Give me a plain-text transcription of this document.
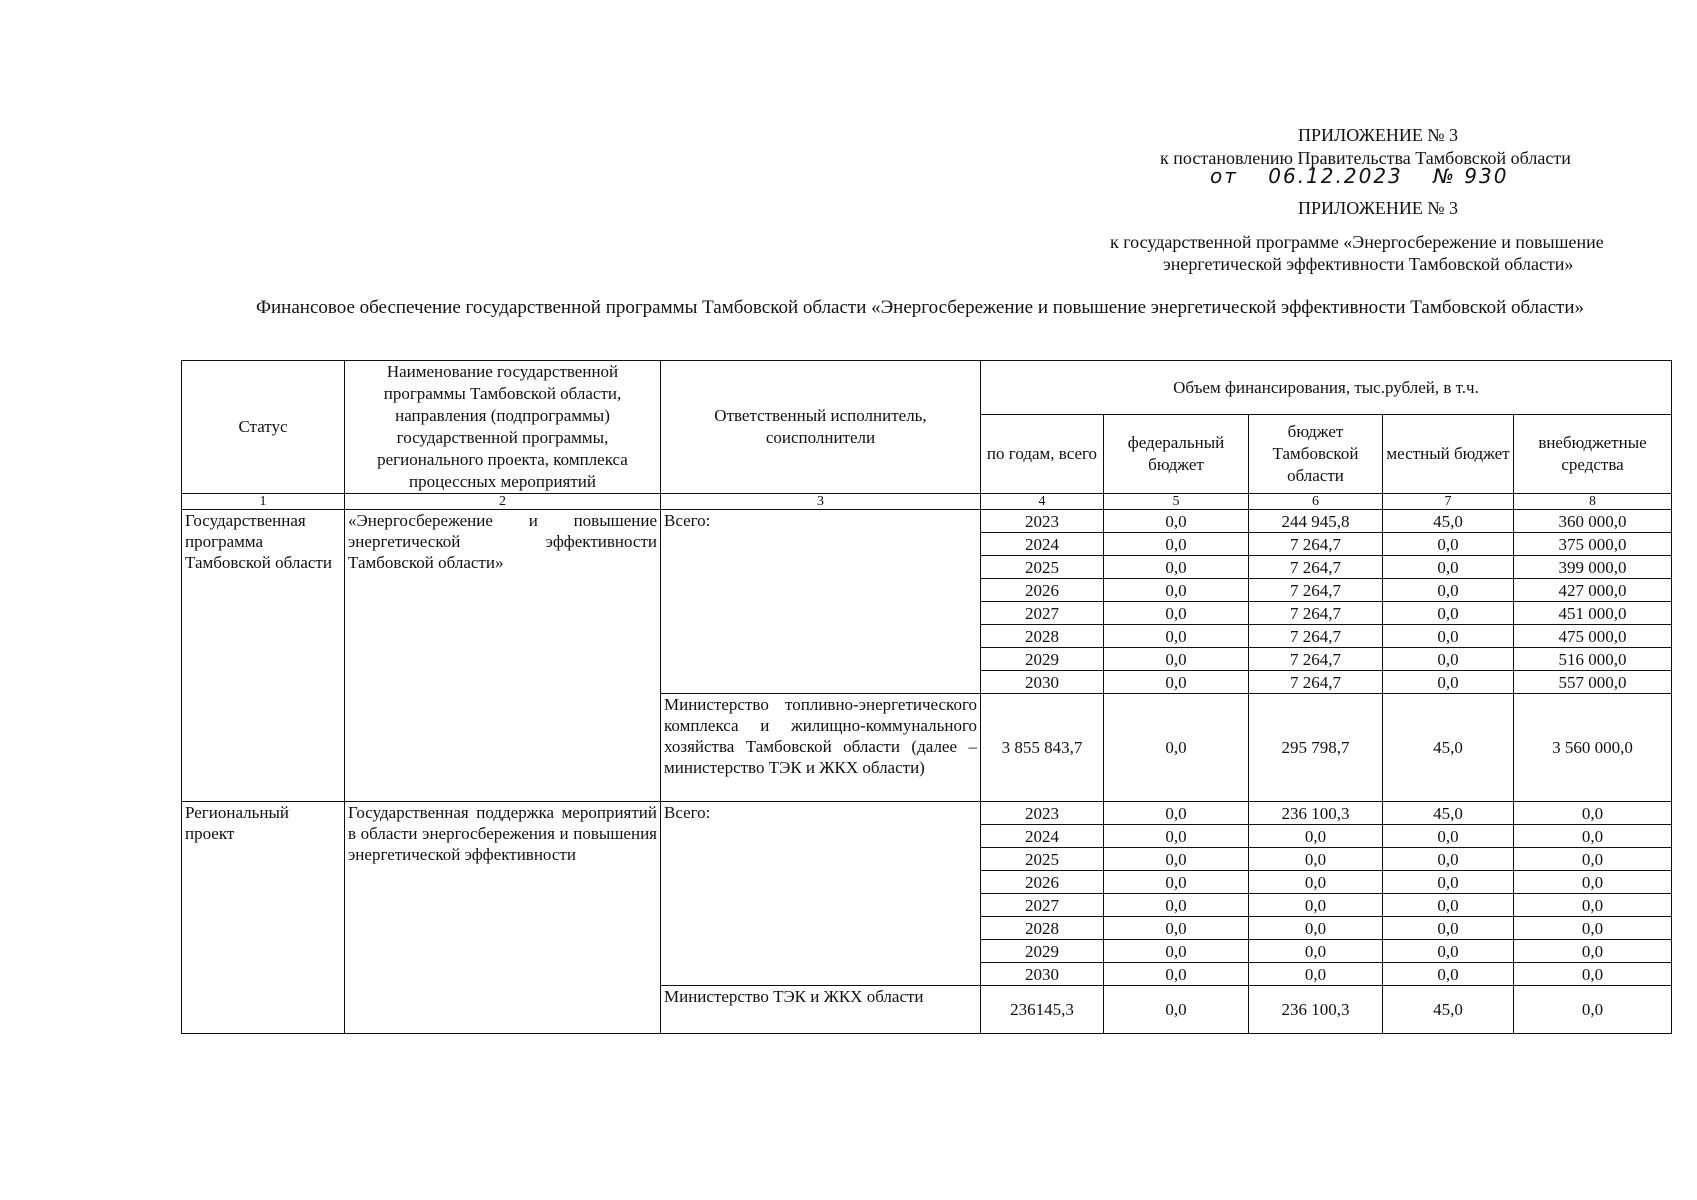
ПРИЛОЖЕНИЕ № 3
к постановлению Правительства Тамбовской области
от 06.12.2023 № 930
ПРИЛОЖЕНИЕ № 3
к государственной программе «Энергосбережение и повышение
энергетической эффективности Тамбовской области»
Финансовое обеспечение государственной программы Тамбовской области «Энергосбережение и повышение энергетической эффективности Тамбовской области»
Статус	Наименование государственной программы Тамбовской области, направления (подпрограммы) государственной программы, регионального проекта, комплекса процессных мероприятий	Ответственный исполнитель, соисполнители	Объем финансирования, тыс.рублей, в т.ч.				
			по годам, всего	федеральный бюджет	бюджет Тамбовской области	местный бюджет	внебюджетные средства
1	2	3	4	5	6	7	8
Государственная программа Тамбовской области	«Энергосбережение и повышение энергетической эффективности Тамбовской области»	Всего:	2023	0,0	244 945,8	45,0	360 000,0
			2024	0,0	7 264,7	0,0	375 000,0
			2025	0,0	7 264,7	0,0	399 000,0
			2026	0,0	7 264,7	0,0	427 000,0
			2027	0,0	7 264,7	0,0	451 000,0
			2028	0,0	7 264,7	0,0	475 000,0
			2029	0,0	7 264,7	0,0	516 000,0
			2030	0,0	7 264,7	0,0	557 000,0
		Министерство топливно-энергетического комплекса и жилищно-коммунального хозяйства Тамбовской области (далее – министерство ТЭК и ЖКХ области)	3 855 843,7	0,0	295 798,7	45,0	3 560 000,0
Региональный проект	Государственная поддержка мероприятий в области энергосбережения и повышения энергетической эффективности	Всего:	2023	0,0	236 100,3	45,0	0,0
			2024	0,0	0,0	0,0	0,0
			2025	0,0	0,0	0,0	0,0
			2026	0,0	0,0	0,0	0,0
			2027	0,0	0,0	0,0	0,0
			2028	0,0	0,0	0,0	0,0
			2029	0,0	0,0	0,0	0,0
			2030	0,0	0,0	0,0	0,0
		Министерство ТЭК и ЖКХ области	236145,3	0,0	236 100,3	45,0	0,0
